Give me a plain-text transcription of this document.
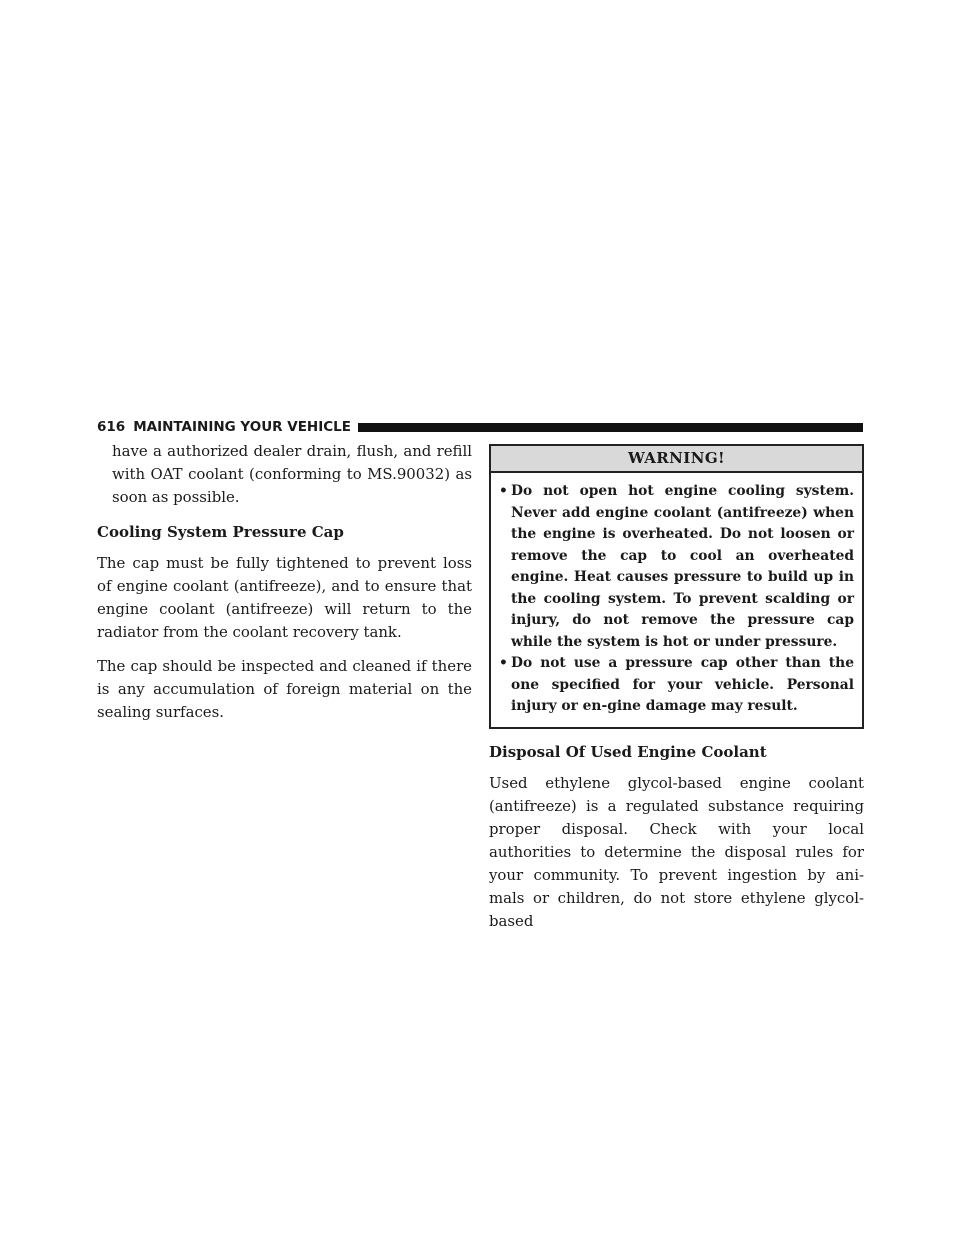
616 MAINTAINING YOUR VEHICLE

have a authorized dealer drain, flush, and refill with OAT coolant (conforming to MS.90032) as soon as possible.

Cooling System Pressure Cap

The cap must be fully tightened to prevent loss of engine coolant (antifreeze), and to ensure that engine coolant (antifreeze) will return to the radiator from the coolant recovery tank.

The cap should be inspected and cleaned if there is any accumulation of foreign material on the sealing surfaces.

WARNING!
• Do not open hot engine cooling system. Never add engine coolant (antifreeze) when the engine is overheated. Do not loosen or remove the cap to cool an overheated engine. Heat causes pressure to build up in the cooling system. To prevent scalding or injury, do not remove the pressure cap while the system is hot or under pressure.
• Do not use a pressure cap other than the one specified for your vehicle. Personal injury or en-gine damage may result.
Disposal Of Used Engine Coolant

Used ethylene glycol-based engine coolant (antifreeze) is a regulated substance requiring proper disposal. Check with your local authorities to determine the disposal rules for your community. To prevent ingestion by ani-mals or children, do not store ethylene glycol-based
